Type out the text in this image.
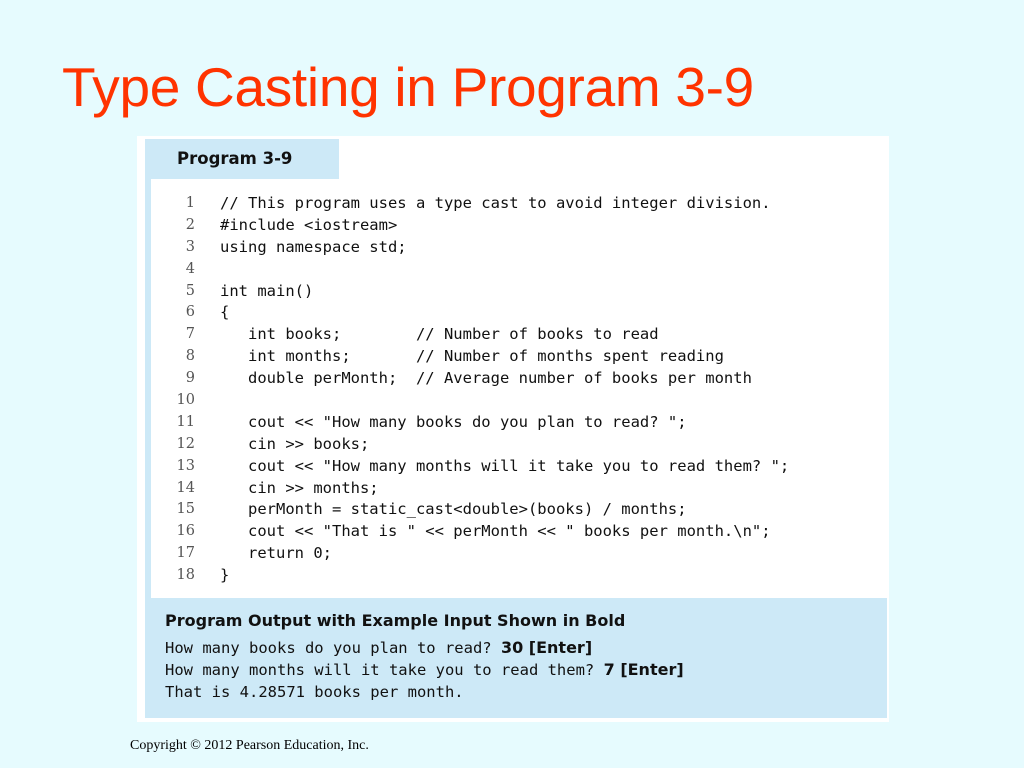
Type Casting in Program 3-9
Program 3-9
1 // This program uses a type cast to avoid integer division.
2 #include <iostream>
3 using namespace std;
4
5 int main()
6 {
7 int books;        // Number of books to read
8 int months;       // Number of months spent reading
9 double perMonth;  // Average number of books per month
10
11 cout << "How many books do you plan to read? ";
12 cin >> books;
13 cout << "How many months will it take you to read them? ";
14 cin >> months;
15 perMonth = static_cast<double>(books) / months;
16 cout << "That is " << perMonth << " books per month.\n";
17 return 0;
18 }
Program Output with Example Input Shown in Bold
How many books do you plan to read? 30 [Enter]
How many months will it take you to read them? 7 [Enter]
That is 4.28571 books per month.
Copyright © 2012 Pearson Education, Inc.
